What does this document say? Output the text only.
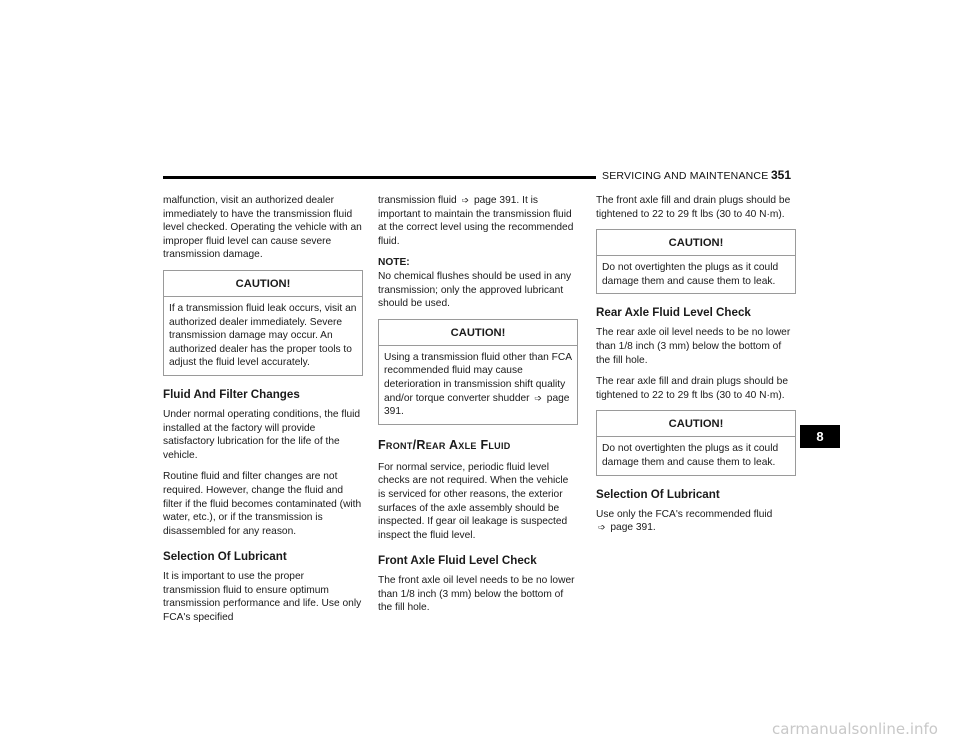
SERVICING AND MAINTENANCE 351

malfunction, visit an authorized dealer immediately to have the transmission fluid level checked. Operating the vehicle with an improper fluid level can cause severe transmission damage.

CAUTION!
If a transmission fluid leak occurs, visit an authorized dealer immediately. Severe transmission damage may occur. An authorized dealer has the proper tools to adjust the fluid level accurately.
Fluid And Filter Changes

Under normal operating conditions, the fluid installed at the factory will provide satisfactory lubrication for the life of the vehicle.

Routine fluid and filter changes are not required. However, change the fluid and filter if the fluid becomes contaminated (with water, etc.), or if the transmission is disassembled for any reason.

Selection Of Lubricant

It is important to use the proper transmission fluid to ensure optimum transmission performance and life. Use only FCA's specified

transmission fluid ➩ page 391. It is important to maintain the transmission fluid at the correct level using the recommended fluid.

NOTE:

No chemical flushes should be used in any transmission; only the approved lubricant should be used.

CAUTION!
Using a transmission fluid other than FCA recommended fluid may cause deterioration in transmission shift quality and/or torque converter shudder ➩ page 391.
Front/Rear Axle Fluid

For normal service, periodic fluid level checks are not required. When the vehicle is serviced for other reasons, the exterior surfaces of the axle assembly should be inspected. If gear oil leakage is suspected inspect the fluid level.

Front Axle Fluid Level Check

The front axle oil level needs to be no lower than 1/8 inch (3 mm) below the bottom of the fill hole.

The front axle fill and drain plugs should be tightened to 22 to 29 ft lbs (30 to 40 N·m).

CAUTION!
Do not overtighten the plugs as it could damage them and cause them to leak.
Rear Axle Fluid Level Check

The rear axle oil level needs to be no lower than 1/8 inch (3 mm) below the bottom of the fill hole.

The rear axle fill and drain plugs should be tightened to 22 to 29 ft lbs (30 to 40 N·m).

CAUTION!
Do not overtighten the plugs as it could damage them and cause them to leak.
Selection Of Lubricant

Use only the FCA's recommended fluid
➩ page 391.

8
carmanualsonline.info
